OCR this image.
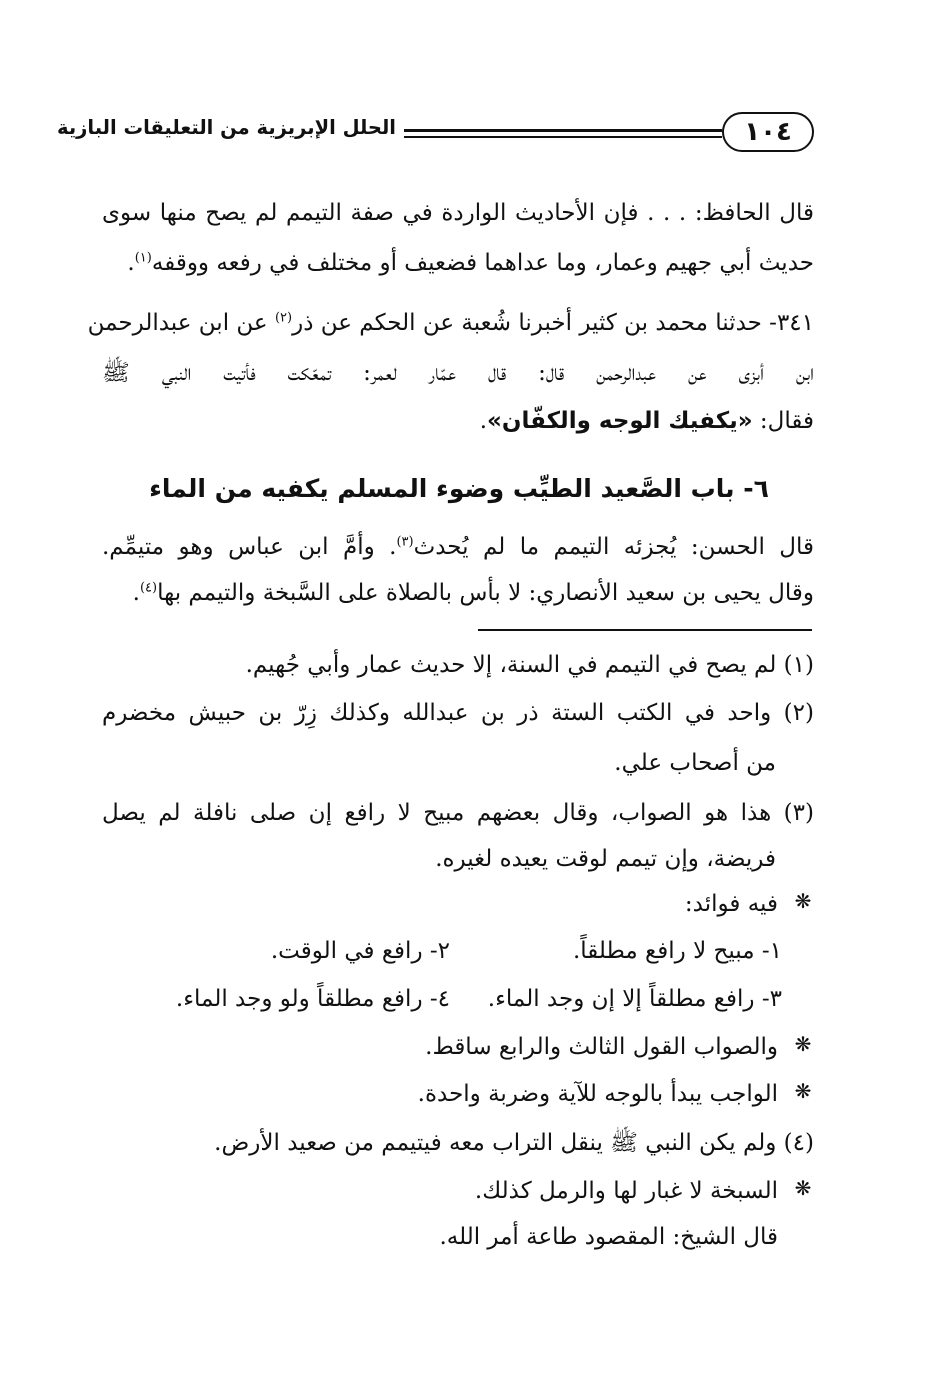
١٠٤
الحلل الإبريزية من التعليقات البازية
قال الحافظ: . . . فإن الأحاديث الواردة في صفة التيمم لم يصح منها سوى
حديث أبي جهيم وعمار، وما عداهما فضعيف أو مختلف في رفعه ووقفه$^{(١)}$.
٣٤١- حدثنا محمد بن كثير أخبرنا شُعبة عن الحكم عن ذر$^{(٢)}$ عن ابن عبدالرحمن
ابن أبزى عن عبدالرحمن قال: قال عمّار لعمر: تمعّكت فأتيت النبي ﷺ
فقال: «يكفيك الوجه والكفّان».
٦- باب الصَّعيد الطيِّب وضوء المسلم يكفيه من الماء
قال الحسن: يُجزئه التيمم ما لم يُحدث$^{(٣)}$. وأمَّ ابن عباس وهو متيمِّم.
وقال يحيى بن سعيد الأنصاري: لا بأس بالصلاة على السَّبخة والتيمم بها$^{(٤)}$.
(١) لم يصح في التيمم في السنة، إلا حديث عمار وأبي جُهيم.
(٢) واحد في الكتب الستة ذر بن عبدالله وكذلك زِرّ بن حبيش مخضرم
من أصحاب علي.
(٣) هذا هو الصواب، وقال بعضهم مبيح لا رافع إن صلى نافلة لم يصل
فريضة، وإن تيمم لوقت يعيده لغيره.
❋
فيه فوائد:
١- مبيح لا رافع مطلقاً.
٢- رافع في الوقت.
٣- رافع مطلقاً إلا إن وجد الماء.
٤- رافع مطلقاً ولو وجد الماء.
❋
والصواب القول الثالث والرابع ساقط.
❋
الواجب يبدأ بالوجه للآية وضربة واحدة.
(٤) ولم يكن النبي ﷺ ينقل التراب معه فيتيمم من صعيد الأرض.
❋
السبخة لا غبار لها والرمل كذلك.
قال الشيخ: المقصود طاعة أمر الله.
